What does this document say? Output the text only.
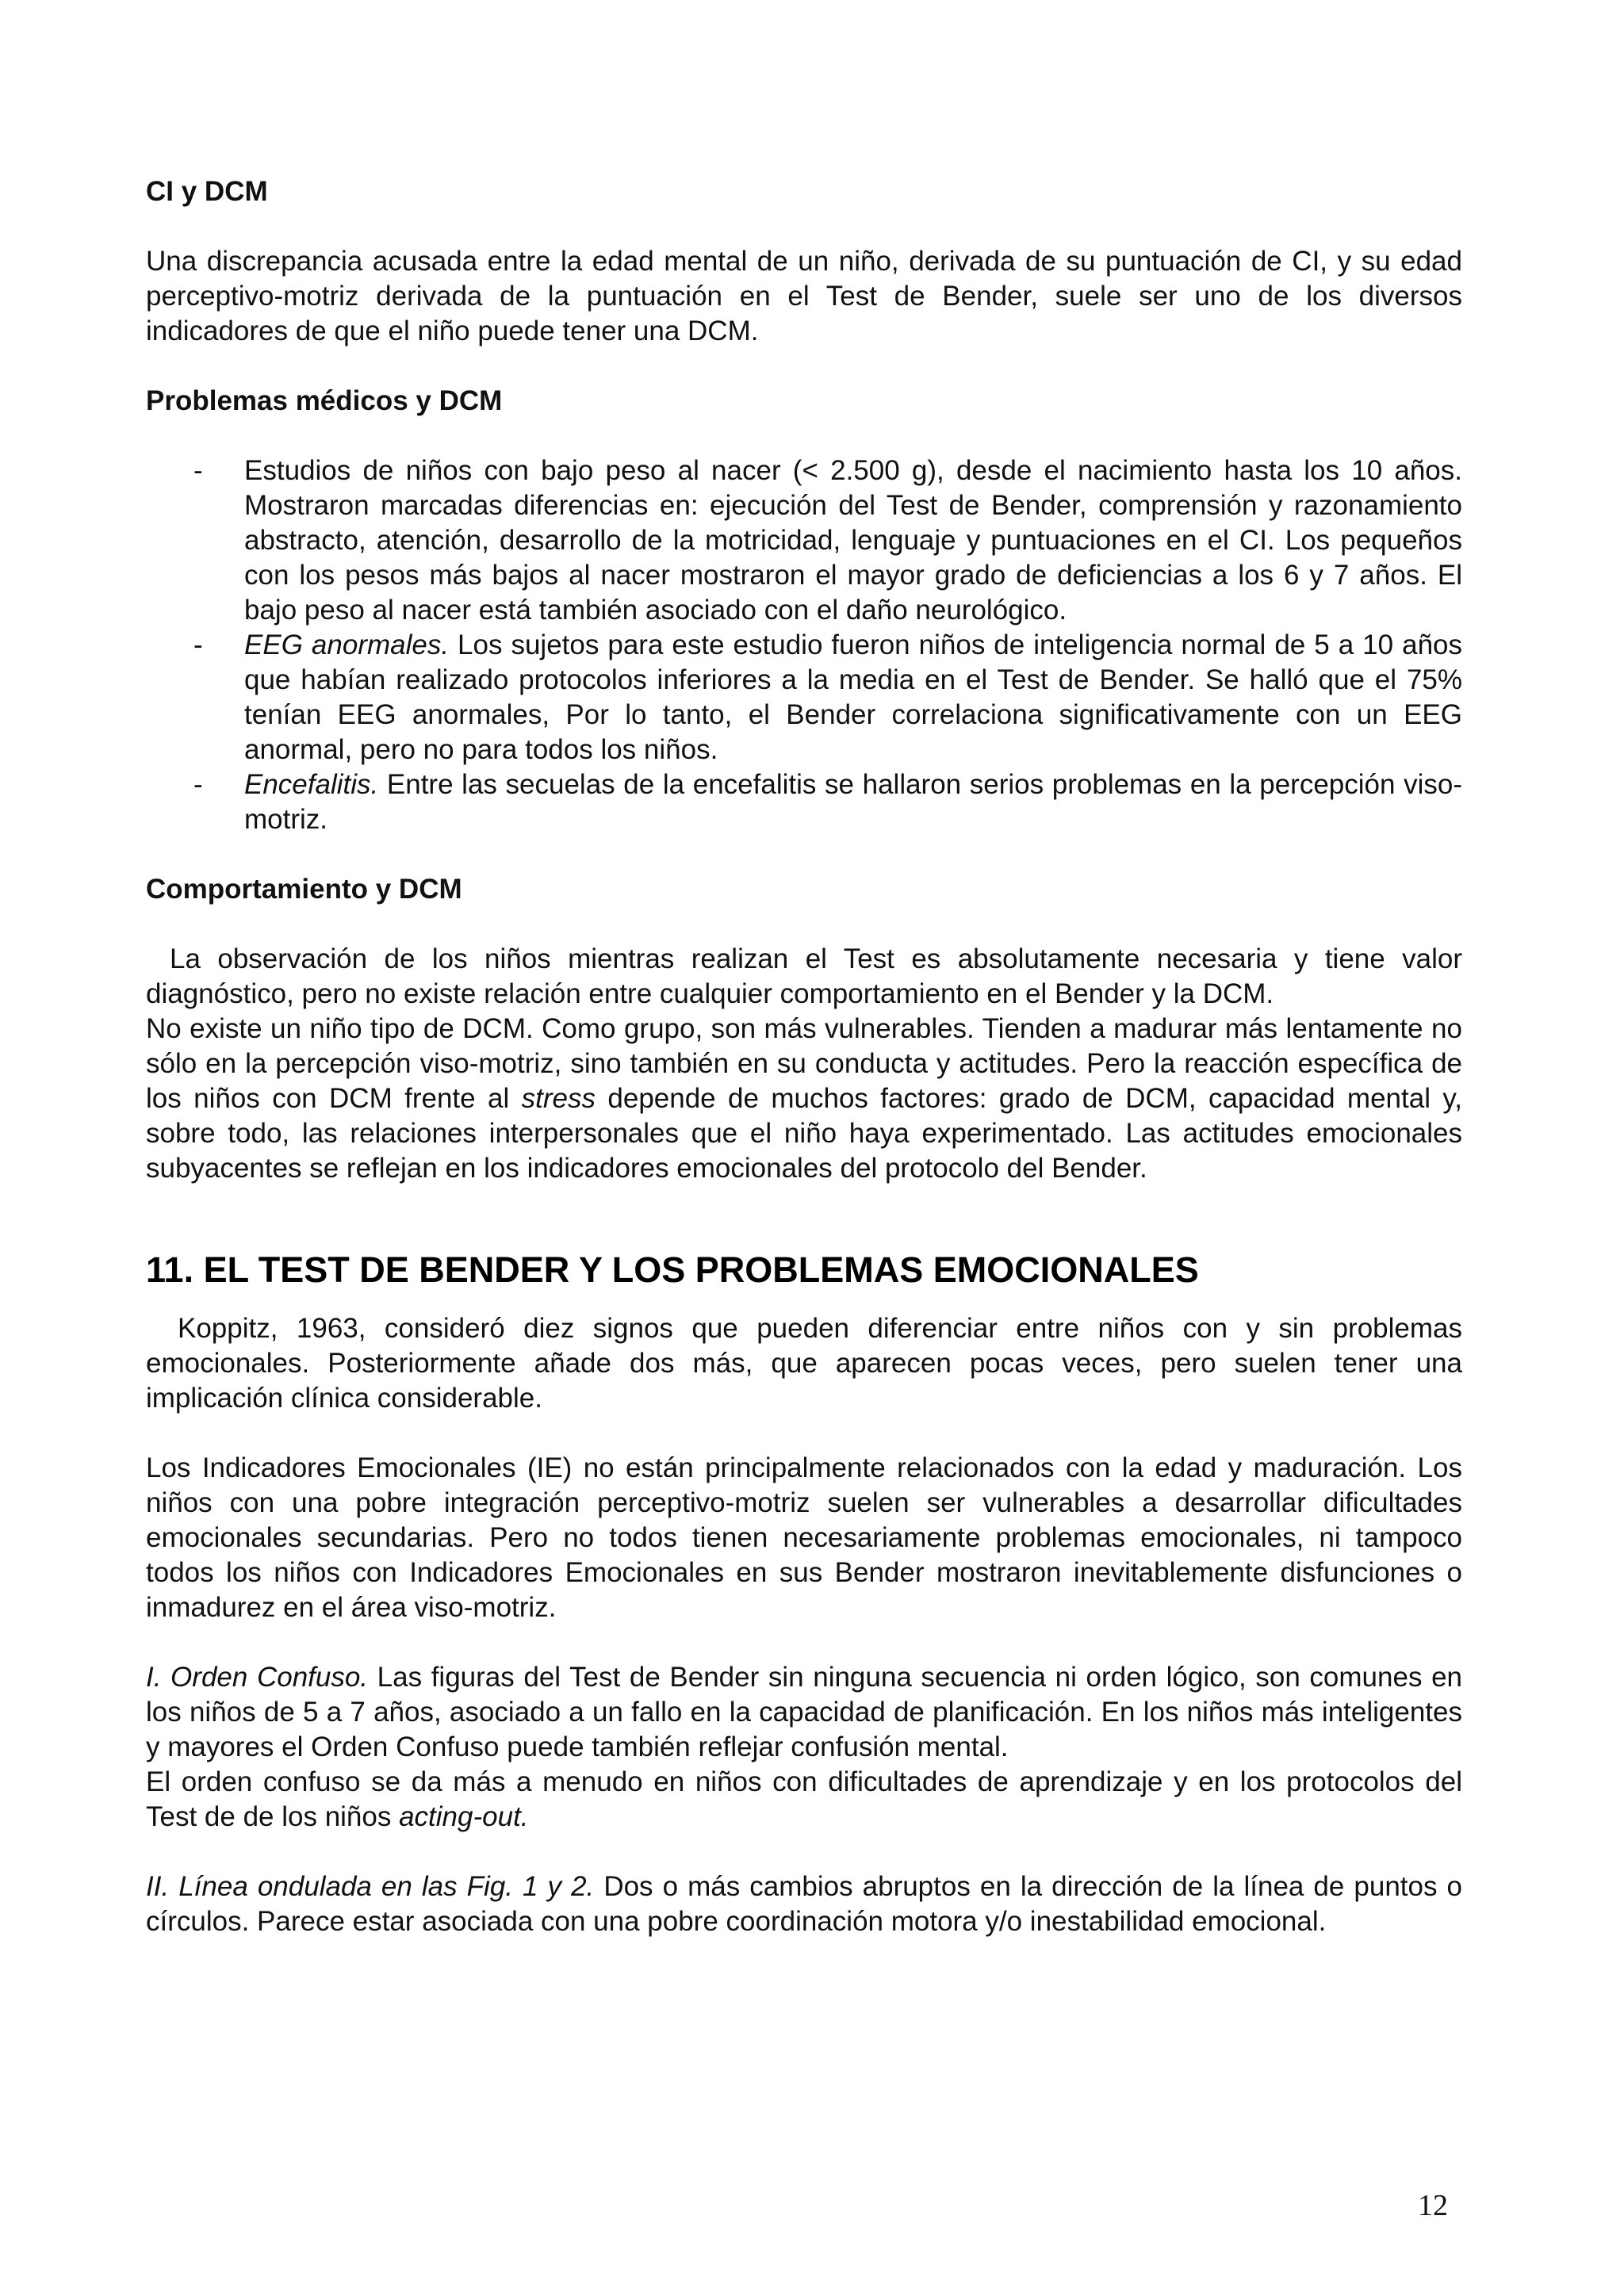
CI y DCM

Una discrepancia acusada entre la edad mental de un niño, derivada de su puntuación de CI, y su edad perceptivo-motriz derivada de la puntuación en el Test de Bender, suele ser uno de los diversos indicadores de que el niño puede tener una DCM.

Problemas médicos y DCM

- Estudios de niños con bajo peso al nacer (< 2.500 g), desde el nacimiento hasta los 10 años. Mostraron marcadas diferencias en: ejecución del Test de Bender, comprensión y razonamiento abstracto, atención, desarrollo de la motricidad, lenguaje y puntuaciones en el CI. Los pequeños con los pesos más bajos al nacer mostraron el mayor grado de deficiencias a los 6 y 7 años. El bajo peso al nacer está también asociado con el daño neurológico.
- EEG anormales. Los sujetos para este estudio fueron niños de inteligencia normal de 5 a 10 años que habían realizado protocolos inferiores a la media en el Test de Bender. Se halló que el 75% tenían EEG anormales, Por lo tanto, el Bender correlaciona significativamente con un EEG anormal, pero no para todos los niños.
- Encefalitis. Entre las secuelas de la encefalitis se hallaron serios problemas en la percepción viso-motriz.

Comportamiento y DCM

La observación de los niños mientras realizan el Test es absolutamente necesaria y tiene valor diagnóstico, pero no existe relación entre cualquier comportamiento en el Bender y la DCM.

No existe un niño tipo de DCM. Como grupo, son más vulnerables. Tienden a madurar más lentamente no sólo en la percepción viso-motriz, sino también en su conducta y actitudes. Pero la reacción específica de los niños con DCM frente al stress depende de muchos factores: grado de DCM, capacidad mental y, sobre todo, las relaciones interpersonales que el niño haya experimentado. Las actitudes emocionales subyacentes se reflejan en los indicadores emocionales del protocolo del Bender.

11. EL TEST DE BENDER Y LOS PROBLEMAS EMOCIONALES

Koppitz, 1963, consideró diez signos que pueden diferenciar entre niños con y sin problemas emocionales. Posteriormente añade dos más, que aparecen pocas veces, pero suelen tener una implicación clínica considerable.

Los Indicadores Emocionales (IE) no están principalmente relacionados con la edad y maduración. Los niños con una pobre integración perceptivo-motriz suelen ser vulnerables a desarrollar dificultades emocionales secundarias. Pero no todos tienen necesariamente problemas emocionales, ni tampoco todos los niños con Indicadores Emocionales en sus Bender mostraron inevitablemente disfunciones o inmadurez en el área viso-motriz.

I. Orden Confuso. Las figuras del Test de Bender sin ninguna secuencia ni orden lógico, son comunes en los niños de 5 a 7 años, asociado a un fallo en la capacidad de planificación. En los niños más inteligentes y mayores el Orden Confuso puede también reflejar confusión mental.

El orden confuso se da más a menudo en niños con dificultades de aprendizaje y en los protocolos del Test de de los niños acting-out.

II. Línea ondulada en las Fig. 1 y 2. Dos o más cambios abruptos en la dirección de la línea de puntos o círculos. Parece estar asociada con una pobre coordinación motora y/o inestabilidad emocional.

12
